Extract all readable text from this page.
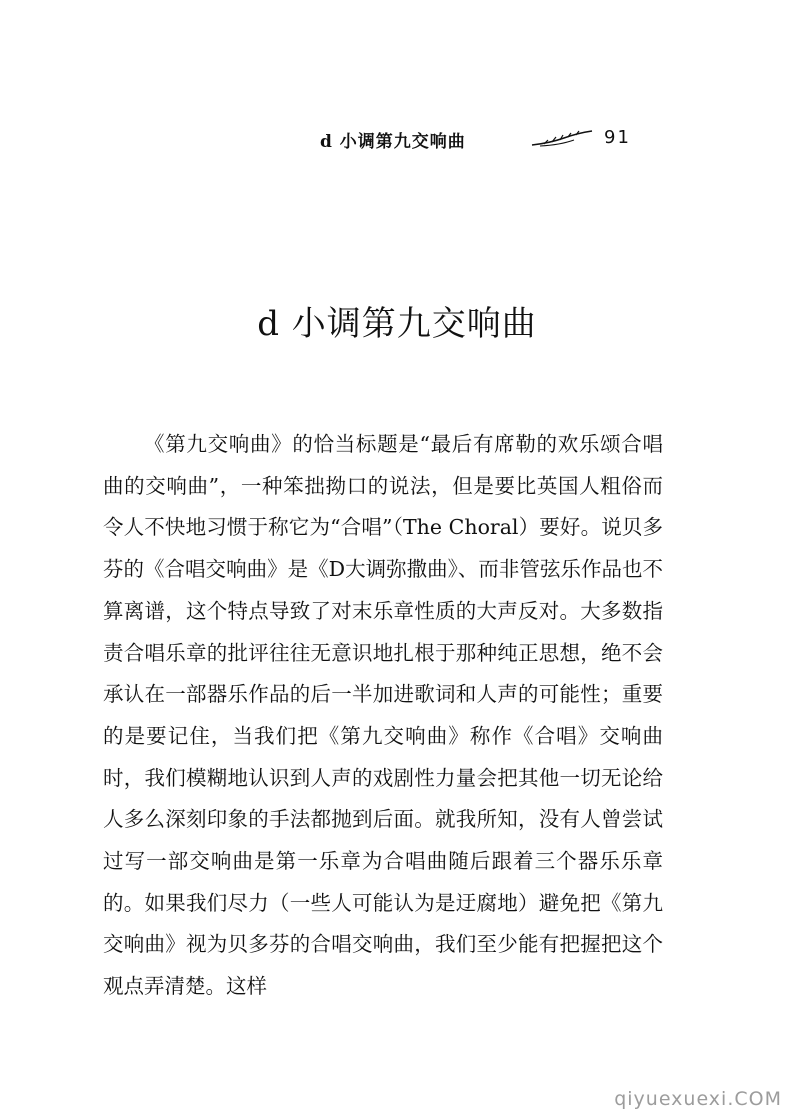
d 小调第九交响曲	91
d 小调第九交响曲

《第九交响曲》的恰当标题是“最后有席勒的欢乐颂合唱曲的交响曲”，一种笨拙拗口的说法，但是要比英国人粗俗而令人不快地习惯于称它为“合唱”（The Choral）要好。说贝多芬的《合唱交响曲》是《D大调弥撒曲》、而非管弦乐作品也不算离谱，这个特点导致了对末乐章性质的大声反对。大多数指责合唱乐章的批评往往无意识地扎根于那种纯正思想，绝不会承认在一部器乐作品的后一半加进歌词和人声的可能性；重要的是要记住，当我们把《第九交响曲》称作《合唱》交响曲时，我们模糊地认识到人声的戏剧性力量会把其他一切无论给人多么深刻印象的手法都抛到后面。就我所知，没有人曾尝试过写一部交响曲是第一乐章为合唱曲随后跟着三个器乐乐章的。如果我们尽力（一些人可能认为是迂腐地）避免把《第九交响曲》视为贝多芬的合唱交响曲，我们至少能有把握把这个观点弄清楚。这样

qiyuexuexi.COM
